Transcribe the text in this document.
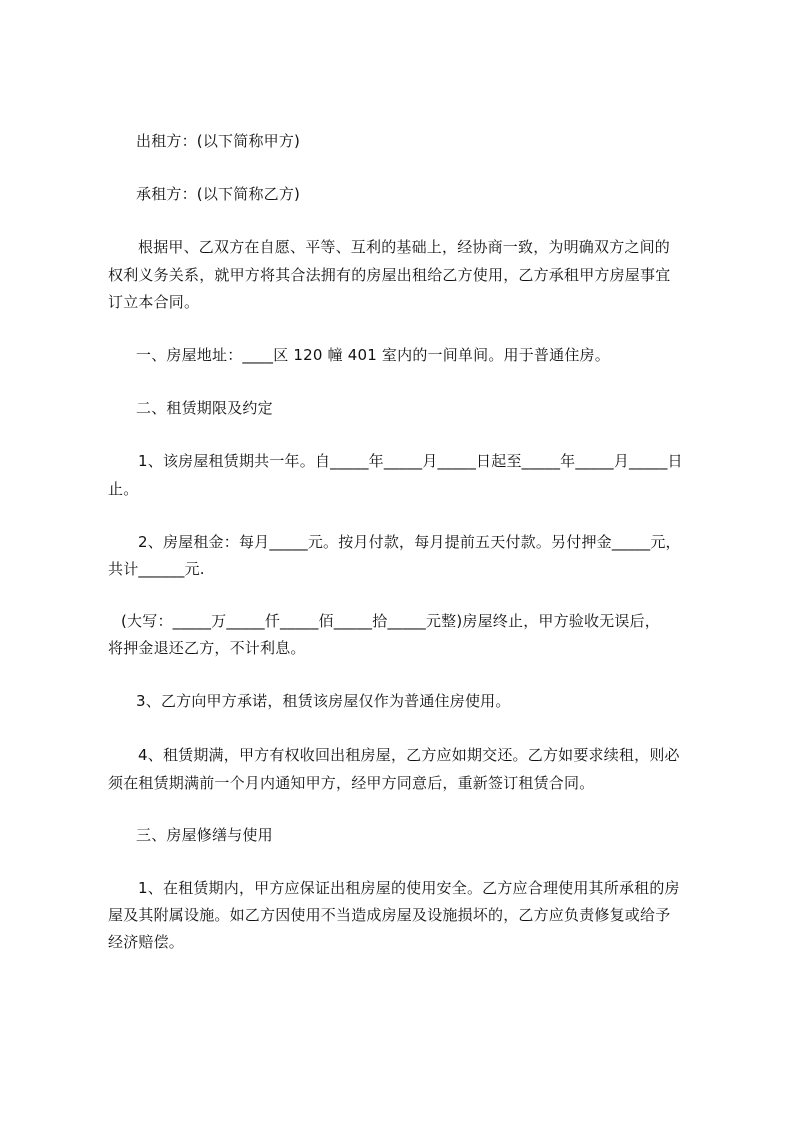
出租方：(以下简称甲方)
承租方：(以下简称乙方)
根据甲、乙双方在自愿、平等、互利的基础上，经协商一致，为明确双方之间的
权利义务关系，就甲方将其合法拥有的房屋出租给乙方使用，乙方承租甲方房屋事宜
订立本合同。
一、房屋地址：____区 120 幢 401 室内的一间单间。用于普通住房。
二、租赁期限及约定
1、该房屋租赁期共一年。自_____年_____月_____日起至_____年_____月_____日
止。
2、房屋租金：每月_____元。按月付款，每月提前五天付款。另付押金_____元，
共计______元.
(大写：_____万_____仟_____佰_____拾_____元整)房屋终止，甲方验收无误后，
将押金退还乙方，不计利息。
3、乙方向甲方承诺，租赁该房屋仅作为普通住房使用。
4、租赁期满，甲方有权收回出租房屋，乙方应如期交还。乙方如要求续租，则必
须在租赁期满前一个月内通知甲方，经甲方同意后，重新签订租赁合同。
三、房屋修缮与使用
1、在租赁期内，甲方应保证出租房屋的使用安全。乙方应合理使用其所承租的房
屋及其附属设施。如乙方因使用不当造成房屋及设施损坏的，乙方应负责修复或给予
经济赔偿。
